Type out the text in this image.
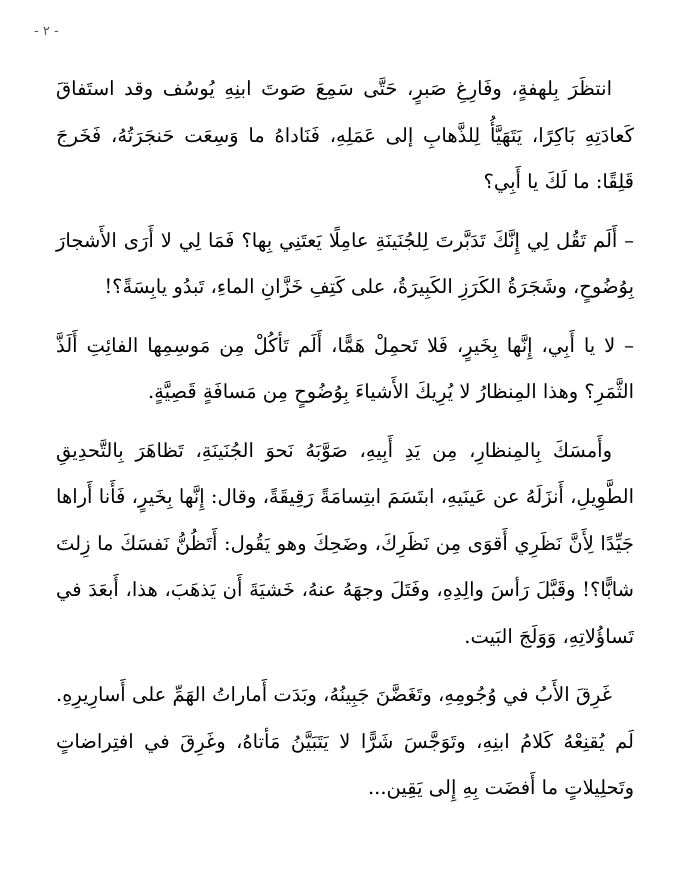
- ٢ -

انتظَرَ بِلهفةٍ، وفَارِغِ صَبرٍ، حَتَّى سَمِعَ صَوتَ ابنِهِ يُوسُف وقد استَفاقَ كَعادَتِهِ بَاكِرًا، يَتَهَيَّأُ لِلذَّهابِ إلى عَمَلِهِ، فَنَاداهُ ما وَسِعَت حَنجَرَتُهُ، فَخَرجَ قَلِقًا: ما لَكَ يا أَبِي؟

– أَلَم تَقُل لِي إِنَّكَ تَدَبَّرتَ لِلجُنَينَةِ عامِلًا يَعتَنِي بِها؟ فَمَا لِي لا أَرَى الأَشجارَ بِوُضُوحٍ، وشَجَرَةُ الكَرَزِ الكَبِيرَةُ، على كَتِفِ خَزَّانِ الماءِ، تَبدُو يابِسَةً؟!

– لا يا أَبِي، إِنَّها بِخَيرٍ، فَلا تَحمِلْ هَمًّا، أَلَم تَأكُلْ مِن مَوسِمِها الفائِتِ أَلَذَّ الثَّمَرِ؟ وهذا المِنظارُ لا يُرِيكَ الأَشياءَ بِوُضُوحٍ مِن مَسافَةٍ قَصِيَّةٍ.

وأَمسَكَ بِالمِنظارِ، مِن يَدِ أَبِيهِ، صَوَّبَهُ نَحوَ الجُنَينَةِ، تَظاهَرَ بِالتَّحدِيقِ الطَّوِيلِ، أَنزَلَهُ عن عَينَيهِ، ابتَسَمَ ابتِسامَةً رَقِيقَةً، وقال: إِنَّها بِخَيرٍ، فَأَنا أَراها جَيِّدًا لِأَنَّ نَظَرِي أَقوَى مِن نَظَرِكَ، وضَحِكَ وهو يَقُول: أَتَظُنُّ نَفسَكَ ما زِلتَ شابًّا؟! وقَبَّلَ رَأسَ والِدِهِ، وفَتَلَ وجهَهُ عنهُ، خَشيَةَ أَن يَذهَبَ، هذا، أَبعَدَ في تَساؤُلاتِهِ، وَوَلَجَ البَيت.

غَرِقَ الأَبُ في وُجُومِهِ، وتَغَضَّنَ جَبِينُهُ، وبَدَت أَماراتُ الهَمِّ على أَسارِيرِهِ. لَم يُقنِعْهُ كَلامُ ابنِهِ، وتَوَجَّسَ شَرًّا لا يَتَبَيَّنُ مَأتاهُ، وغَرِقَ في افتِراضاتٍ وتَحلِيلاتٍ ما أَفضَت بِهِ إِلى يَقِين...
